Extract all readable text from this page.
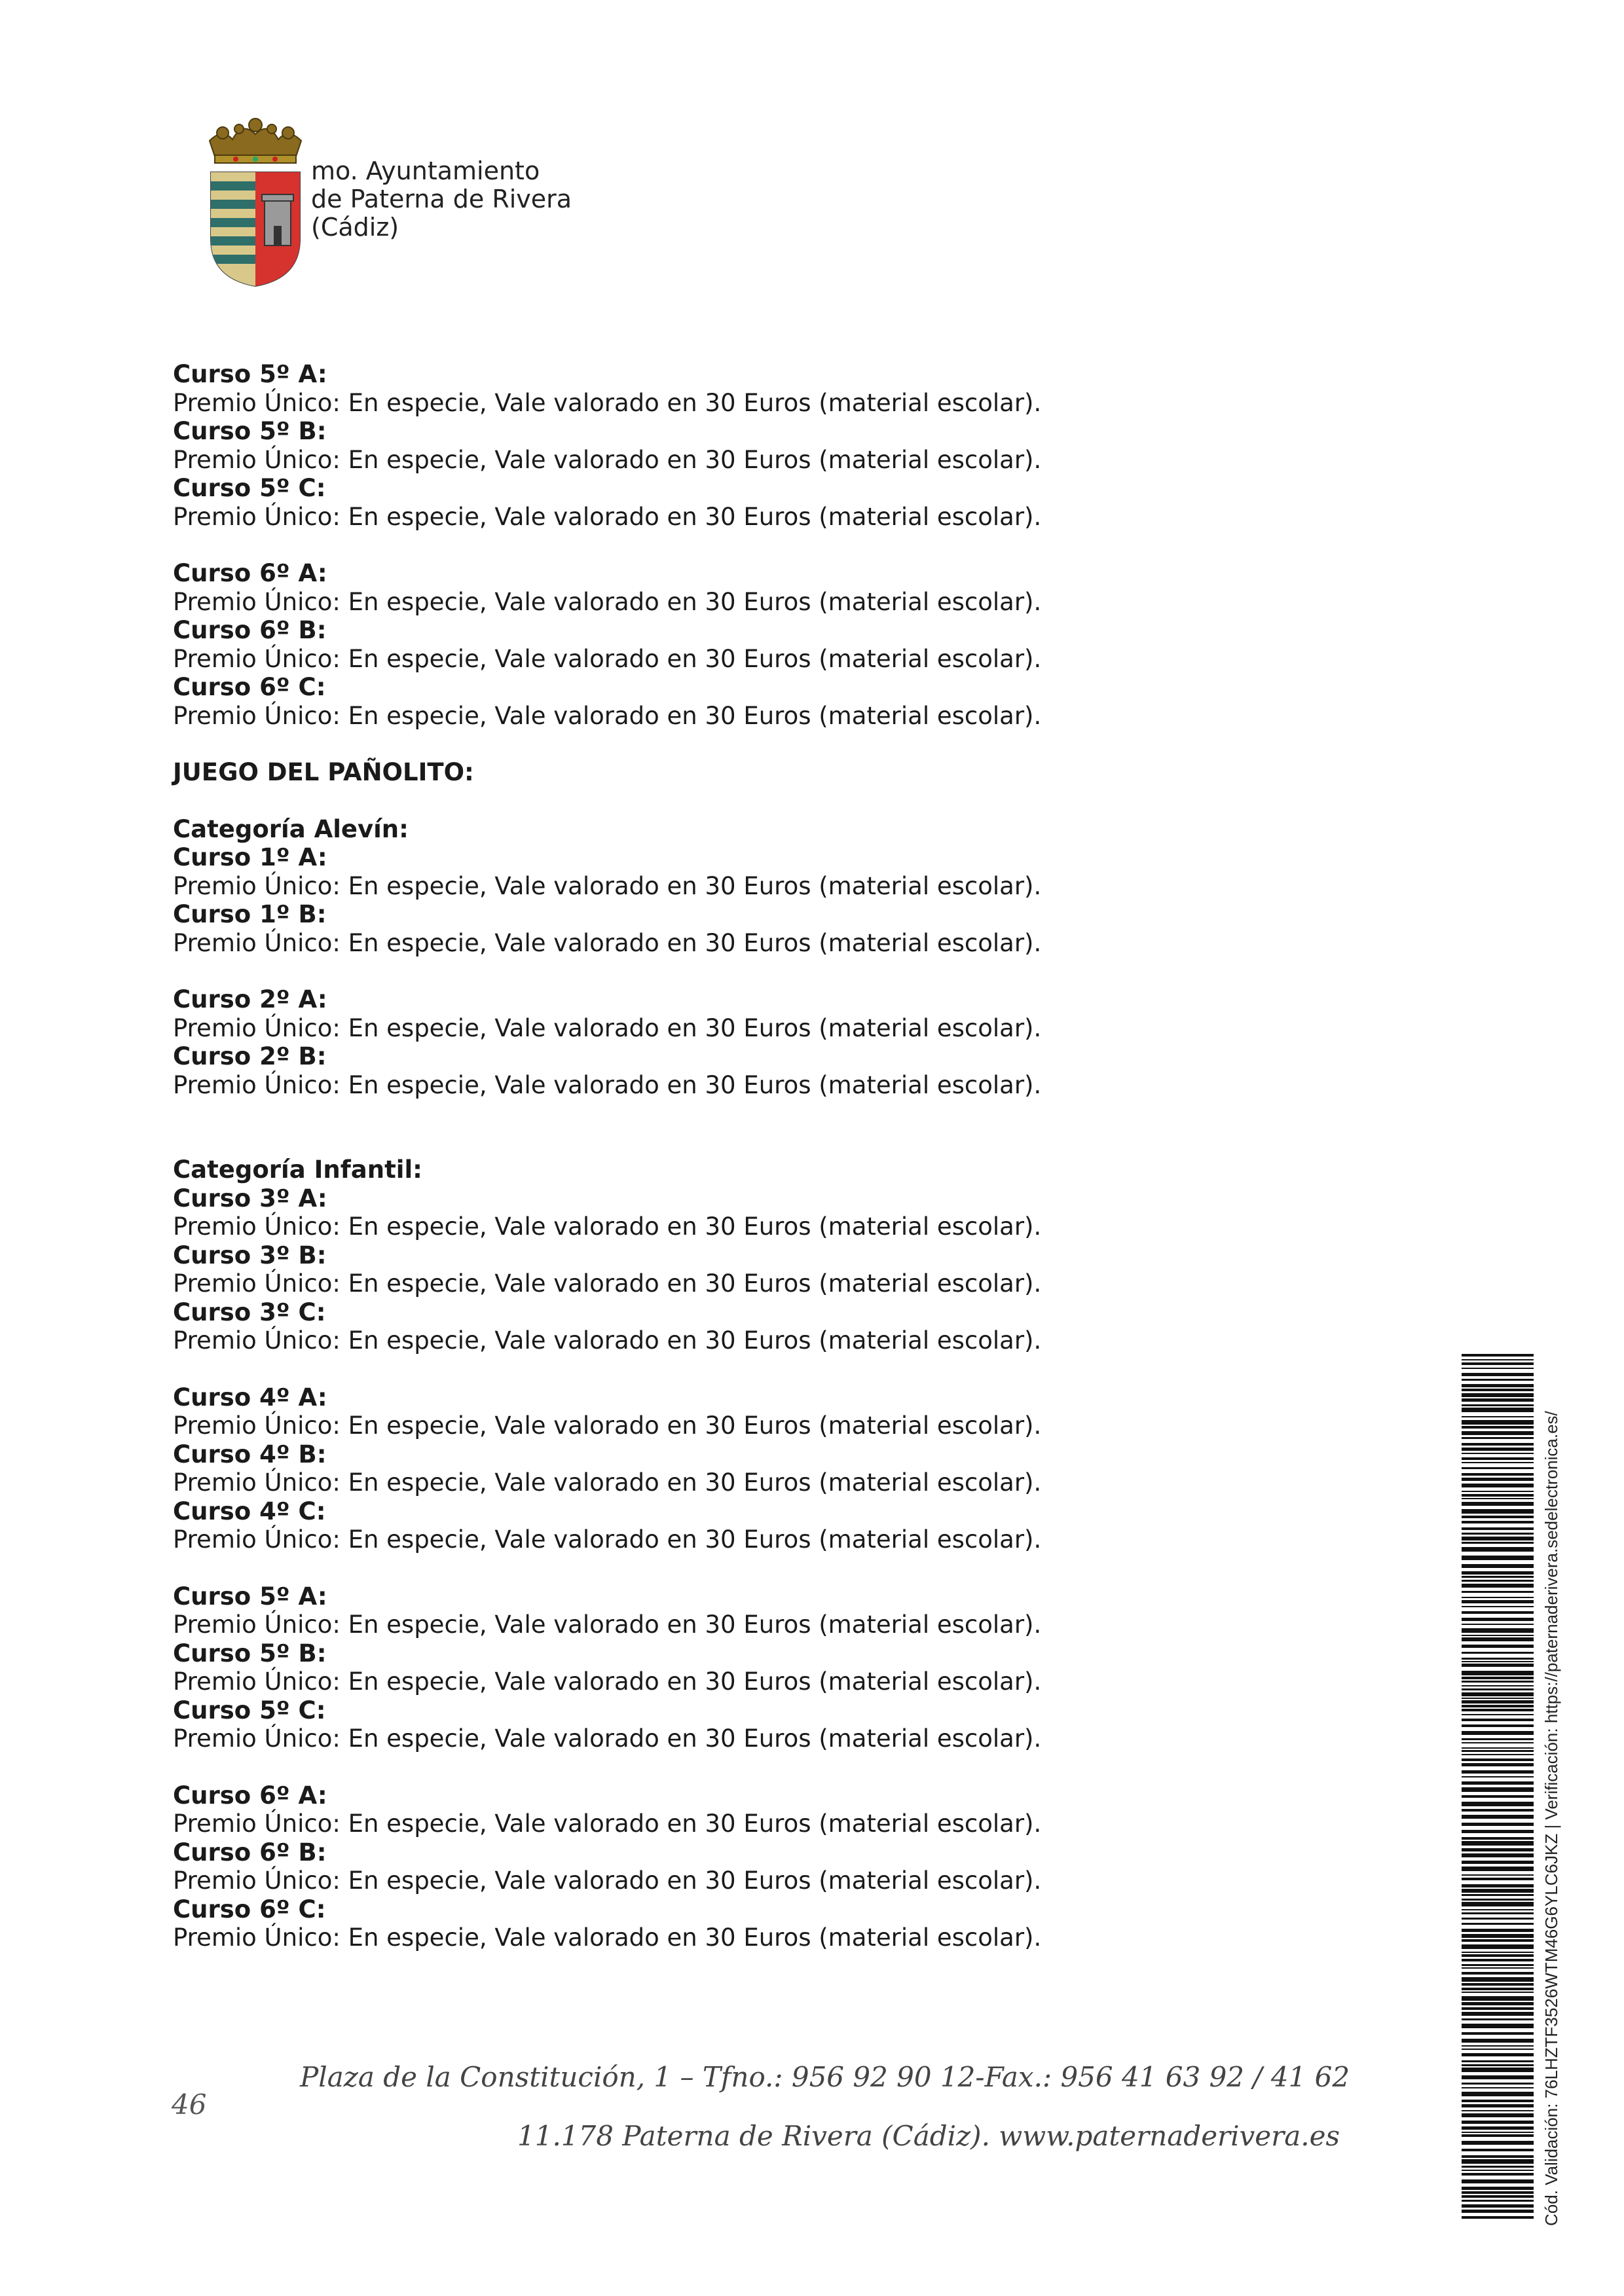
mo. Ayuntamiento
de Paterna de Rivera
(Cádiz)
Curso 5º A:
Premio Único: En especie, Vale valorado en 30 Euros (material escolar).
Curso 5º B:
Premio Único: En especie, Vale valorado en 30 Euros (material escolar).
Curso 5º C:
Premio Único: En especie, Vale valorado en 30 Euros (material escolar).
Curso 6º A:
Premio Único: En especie, Vale valorado en 30 Euros (material escolar).
Curso 6º B:
Premio Único: En especie, Vale valorado en 30 Euros (material escolar).
Curso 6º C:
Premio Único: En especie, Vale valorado en 30 Euros (material escolar).
JUEGO DEL PAÑOLITO:
Categoría Alevín:
Curso 1º A:
Premio Único: En especie, Vale valorado en 30 Euros (material escolar).
Curso 1º B:
Premio Único: En especie, Vale valorado en 30 Euros (material escolar).
Curso 2º A:
Premio Único: En especie, Vale valorado en 30 Euros (material escolar).
Curso 2º B:
Premio Único: En especie, Vale valorado en 30 Euros (material escolar).
Categoría Infantil:
Curso 3º A:
Premio Único: En especie, Vale valorado en 30 Euros (material escolar).
Curso 3º B:
Premio Único: En especie, Vale valorado en 30 Euros (material escolar).
Curso 3º C:
Premio Único: En especie, Vale valorado en 30 Euros (material escolar).
Curso 4º A:
Premio Único: En especie, Vale valorado en 30 Euros (material escolar).
Curso 4º B:
Premio Único: En especie, Vale valorado en 30 Euros (material escolar).
Curso 4º C:
Premio Único: En especie, Vale valorado en 30 Euros (material escolar).
Curso 5º A:
Premio Único: En especie, Vale valorado en 30 Euros (material escolar).
Curso 5º B:
Premio Único: En especie, Vale valorado en 30 Euros (material escolar).
Curso 5º C:
Premio Único: En especie, Vale valorado en 30 Euros (material escolar).
Curso 6º A:
Premio Único: En especie, Vale valorado en 30 Euros (material escolar).
Curso 6º B:
Premio Único: En especie, Vale valorado en 30 Euros (material escolar).
Curso 6º C:
Premio Único: En especie, Vale valorado en 30 Euros (material escolar).
46
Plaza de la Constitución, 1 – Tfno.: 956 92 90 12-Fax.: 956 41 63 92 / 41 62
11.178 Paterna de Rivera (Cádiz). www.paternaderivera.es	Cód. Validación: 76LHZTF3526WTM46G6YLC6JKZ | Verificación: https://paternaderivera.sedelectronica.es/
